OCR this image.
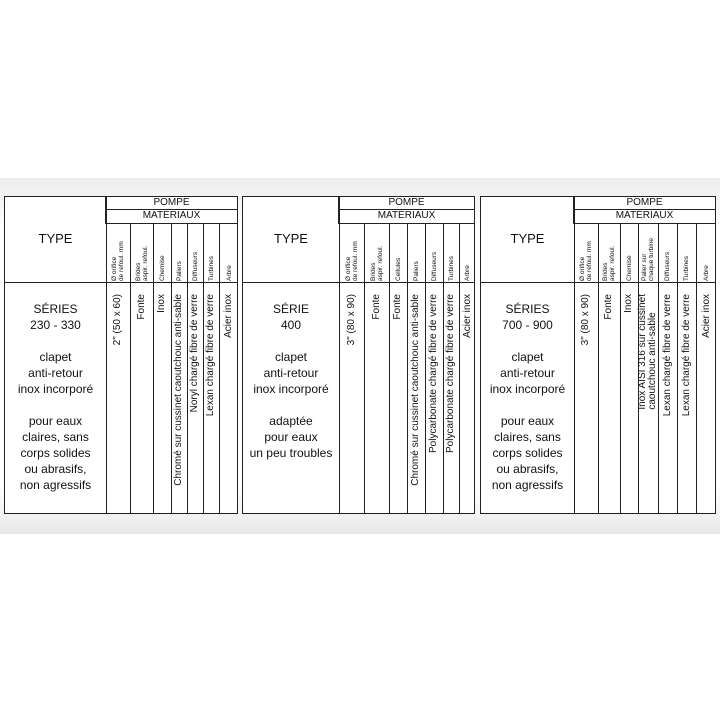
POMPE
MATÉRIAUX
TYPE

SÉRIES
230 - 330

clapet
anti-retour
inox incorporé

pour eaux
claires, sans
corps solides
ou abrasifs,
non agressifs

Ø orifice
de refoul. mm
2" (50 x 60)
Brides
aspir. refoul.
Fonte
Chemise
Inox
Paliers
Chromé sur cussinet caoutchouc anti-sable
Diffuseurs
Noryl chargé fibre de verre
Turbines
Lexan chargé fibre de verre
Arbre
Acier inox
POMPE
MATÉRIAUX
TYPE

SÉRIE
400

clapet
anti-retour
inox incorporé

adaptée
pour eaux
un peu troubles

Ø orifice
de refoul. mm
3" (80 x 90)
Brides
aspir. refoul.
Fonte
Cellules
Fonte
Paliers
Chromé sur cussinet caoutchouc anti-sable
Diffuseurs
Polycarbonate chargé fibre de verre
Turbines
Polycarbonate chargé fibre de verre
Arbre
Acier inox
POMPE
MATÉRIAUX
TYPE

SÉRIES
700 - 900

clapet
anti-retour
inox incorporé

pour eaux
claires, sans
corps solides
ou abrasifs,
non agressifs

Ø orifice
de refoul. mm
3" (80 x 90)
Brides
aspir. refoul.
Fonte
Chemise
Inox
Palier sur
chaque turbine
Inox AISI 316 sur cussinet
caoutchouc anti-sable
Diffuseurs
Lexan chargé fibre de verre
Turbines
Lexan chargé fibre de verre
Arbre
Acier inox
